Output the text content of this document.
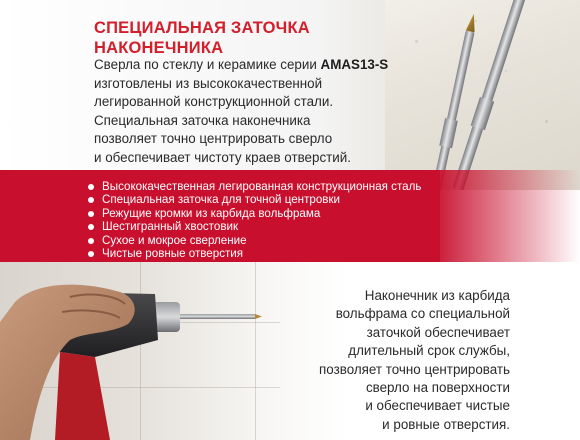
СПЕЦИАЛЬНАЯ ЗАТОЧКА
НАКОНЕЧНИКА

Сверла по стеклу и керамике серии AMAS13-S
изготовлены из высококачественной
легированной конструкционной стали.
Специальная заточка наконечника
позволяет точно центрировать сверло
и обеспечивает чистоту краев отверстий.

Высококачественная легированная конструкционная сталь
Специальная заточка для точной центровки
Режущие кромки из карбида вольфрама
Шестигранный хвостовик
Сухое и мокрое сверление
Чистые ровные отверстия

Наконечник из карбида
вольфрама со специальной
заточкой обеспечивает
длительный срок службы,
позволяет точно центрировать
сверло на поверхности
и обеспечивает чистые
и ровные отверстия.
